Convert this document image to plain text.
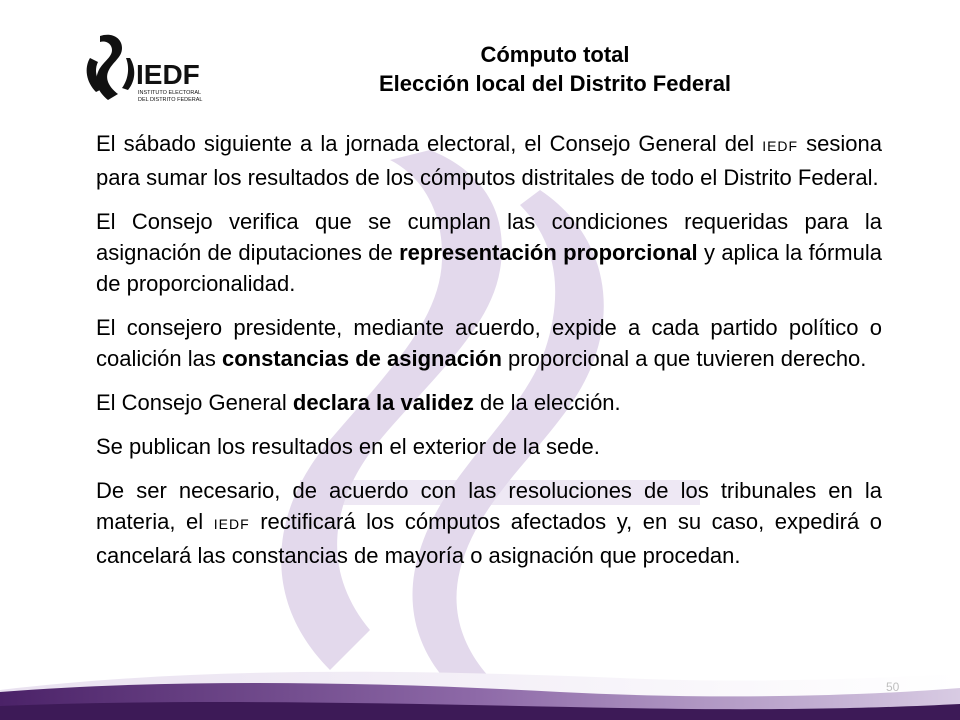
IEDF
INSTITUTO ELECTORAL
DEL DISTRITO FEDERAL
Cómputo total
Elección local del Distrito Federal

El sábado siguiente a la jornada electoral, el Consejo General del IEDF sesiona para sumar los resultados de los cómputos distritales de todo el Distrito Federal.

El Consejo verifica que se cumplan las condiciones requeridas para la asignación de diputaciones de representación proporcional y aplica la fórmula de proporcionalidad.

El consejero presidente, mediante acuerdo, expide a cada partido político o coalición las constancias de asignación proporcional a que tuvieren derecho.

El Consejo General declara la validez de la elección.

Se publican los resultados en el exterior de la sede.

De ser necesario, de acuerdo con las resoluciones de los tribunales en la materia, el IEDF rectificará los cómputos afectados y, en su caso, expedirá o cancelará las constancias de mayoría o asignación que procedan.

50
